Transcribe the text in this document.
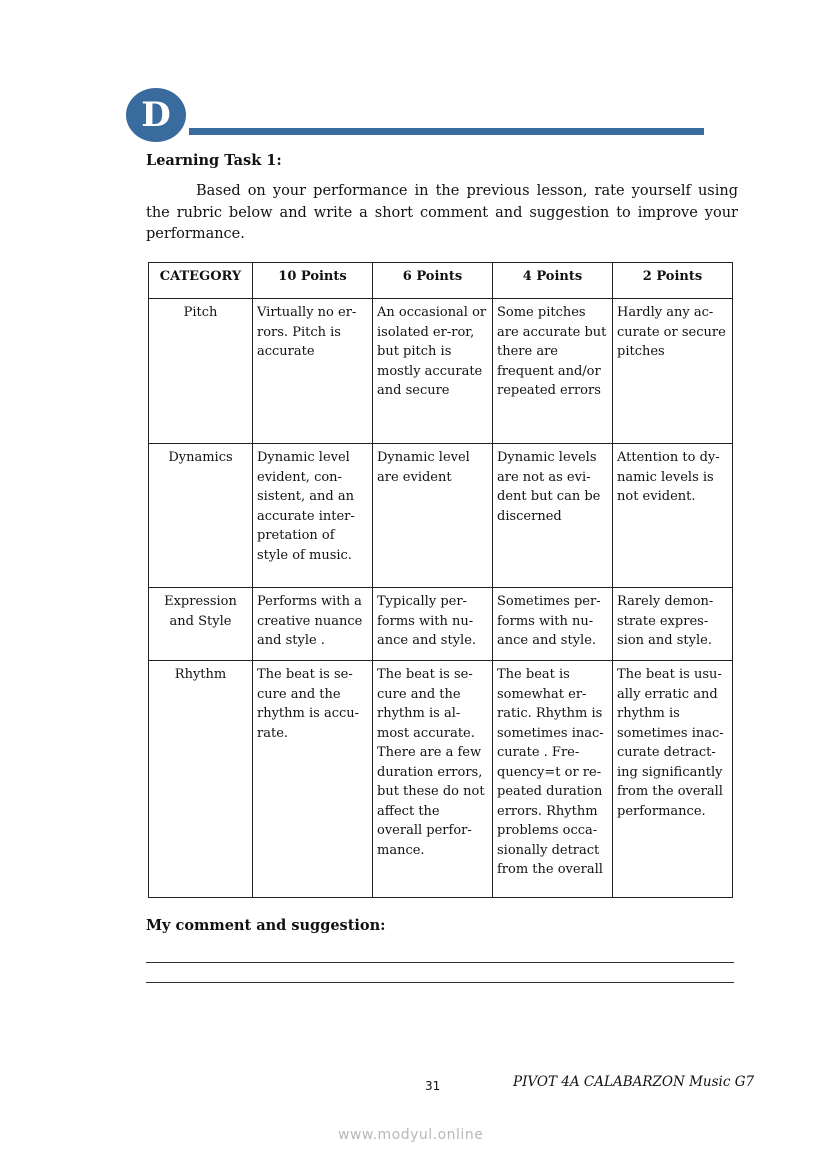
D
Learning Task 1:
Based on your performance in the previous lesson, rate yourself using the rubric below and write a short comment and suggestion to improve your performance.
CATEGORY	10 Points	6 Points	4 Points	2 Points
Pitch	Virtually no er-rors. Pitch is accurate	An occasional or isolated er-ror, but pitch is mostly accurate and secure	Some pitches are accurate but there are frequent and/or repeated errors	Hardly any ac-curate or secure pitches
Dynamics	Dynamic level evident, con-sistent, and an accurate inter-pretation of style of music.	Dynamic level are evident	Dynamic levels are not as evi-dent but can be discerned	Attention to dy-namic levels is not evident.
Expression and Style	Performs with a creative nuance and style .	Typically per-forms with nu-ance and style.	Sometimes per-forms with nu-ance and style.	Rarely demon-strate expres-sion and style.
Rhythm	The beat is se-cure and the rhythm is accu-rate.	The beat is se-cure and the rhythm is al-most accurate. There are a few duration errors, but these do not affect the overall perfor-mance.	The beat is somewhat er-ratic. Rhythm is sometimes inac-curate . Fre-quency=t or re-peated duration errors. Rhythm problems occa-sionally detract from the overall	The beat is usu-ally erratic and rhythm is sometimes inac-curate detract-ing significantly from the overall performance.
My comment and suggestion:
31	PIVOT 4A CALABARZON Music G7
www.modyul.online
